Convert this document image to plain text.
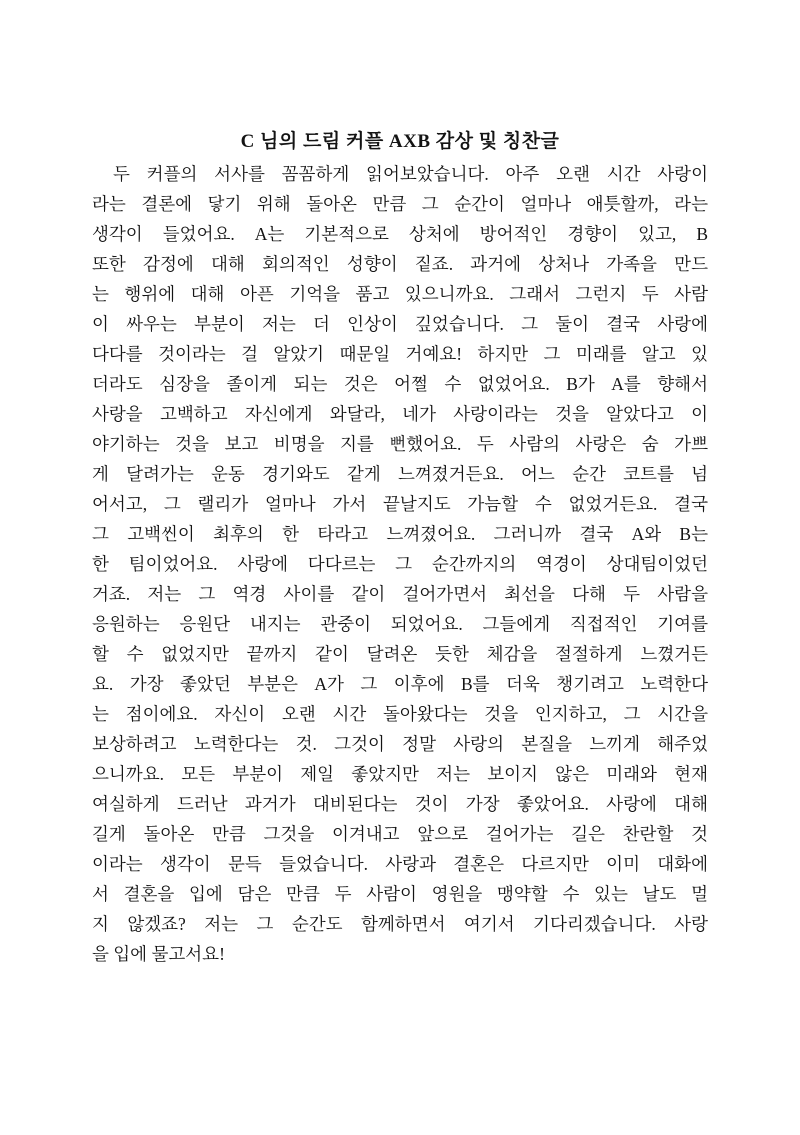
C 님의 드림 커플 AXB 감상 및 칭찬글
두 커플의 서사를 꼼꼼하게 읽어보았습니다. 아주 오랜 시간 사랑이
라는 결론에 닿기 위해 돌아온 만큼 그 순간이 얼마나 애틋할까, 라는
생각이 들었어요. A는 기본적으로 상처에 방어적인 경향이 있고, B
또한 감정에 대해 회의적인 성향이 짙죠. 과거에 상처나 가족을 만드
는 행위에 대해 아픈 기억을 품고 있으니까요. 그래서 그런지 두 사람
이 싸우는 부분이 저는 더 인상이 깊었습니다. 그 둘이 결국 사랑에
다다를 것이라는 걸 알았기 때문일 거예요! 하지만 그 미래를 알고 있
더라도 심장을 졸이게 되는 것은 어쩔 수 없었어요. B가 A를 향해서
사랑을 고백하고 자신에게 와달라, 네가 사랑이라는 것을 알았다고 이
야기하는 것을 보고 비명을 지를 뻔했어요. 두 사람의 사랑은 숨 가쁘
게 달려가는 운동 경기와도 같게 느껴졌거든요. 어느 순간 코트를 넘
어서고, 그 랠리가 얼마나 가서 끝날지도 가늠할 수 없었거든요. 결국
그 고백씬이 최후의 한 타라고 느껴졌어요. 그러니까 결국 A와 B는
한 팀이었어요. 사랑에 다다르는 그 순간까지의 역경이 상대팀이었던
거죠. 저는 그 역경 사이를 같이 걸어가면서 최선을 다해 두 사람을
응원하는 응원단 내지는 관중이 되었어요. 그들에게 직접적인 기여를
할 수 없었지만 끝까지 같이 달려온 듯한 체감을 절절하게 느꼈거든
요. 가장 좋았던 부분은 A가 그 이후에 B를 더욱 챙기려고 노력한다
는 점이에요. 자신이 오랜 시간 돌아왔다는 것을 인지하고, 그 시간을
보상하려고 노력한다는 것. 그것이 정말 사랑의 본질을 느끼게 해주었
으니까요. 모든 부분이 제일 좋았지만 저는 보이지 않은 미래와 현재
여실하게 드러난 과거가 대비된다는 것이 가장 좋았어요. 사랑에 대해
길게 돌아온 만큼 그것을 이겨내고 앞으로 걸어가는 길은 찬란할 것
이라는 생각이 문득 들었습니다. 사랑과 결혼은 다르지만 이미 대화에
서 결혼을 입에 담은 만큼 두 사람이 영원을 맹약할 수 있는 날도 멀
지 않겠죠? 저는 그 순간도 함께하면서 여기서 기다리겠습니다. 사랑
을 입에 물고서요!
